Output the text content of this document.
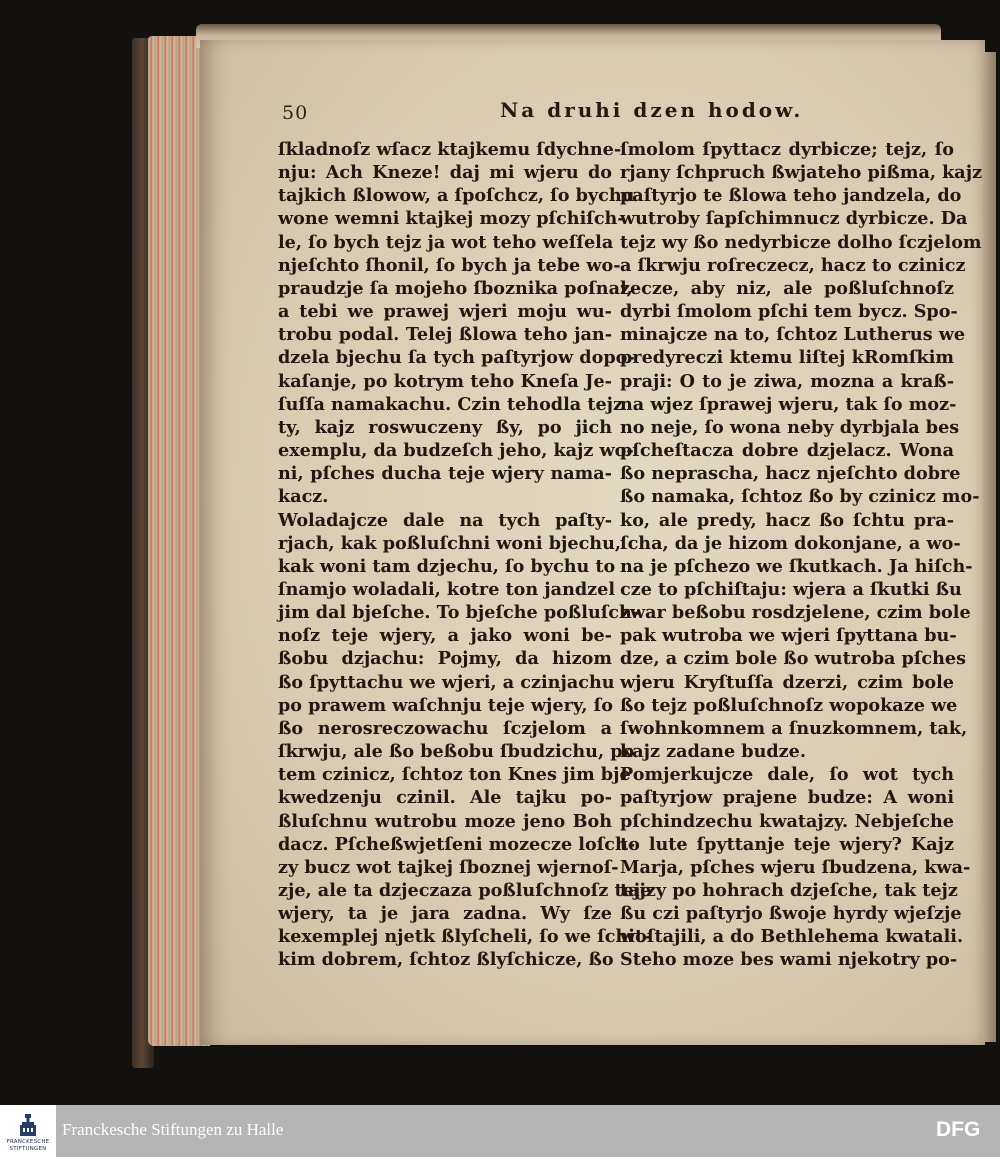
50	Na druhi dzen hodow.
ſkladnoſz wſacz ktajkemu ſdychne-
nju: Ach Kneze! daj mi wjeru do
tajkich ßlowow, a ſpoſchcz, ſo bychu
wone wemni ktajkej mozy pſchiſch-
le, ſo bych tejz ja wot teho weſſela
njeſchto ſhonil, ſo bych ja tebe wo-
praudzje ſa mojeho ſboznika poſnal,
a tebi we prawej wjeri moju wu-
trobu podal. Telej ßlowa teho jan-
dzela bjechu ſa tych paſtyrjow dopo-
kaſanje, po kotrym teho Kneſa Je-
ſuſſa namakachu. Czin tehodla tejz
ty, kajz roswuczeny ßy, po jich
exemplu, da budzeſch jeho, kajz wo-
ni, pſches ducha teje wjery nama-
kacz.
Woladajcze dale na tych paſty-
rjach, kak poßluſchni woni bjechu,
kak woni tam dzjechu, ſo bychu to
ſnamjo woladali, kotre ton jandzel
jim dal bjeſche. To bjeſche poßluſch-
noſz teje wjery, a jako woni be-
ßobu dzjachu: Pojmy, da hizom
ßo ſpyttachu we wjeri, a czinjachu
po prawem waſchnju teje wjery, ſo
ßo nerosreczowachu ſczjelom a
ſkrwju, ale ßo beßobu ſbudzichu, po
tem czinicz, ſchtoz ton Knes jim bje
kwedzenju czinil. Ale tajku po-
ßluſchnu wutrobu moze jeno Boh
dacz. Pſcheßwjetſeni mozecze loſch-
zy bucz wot tajkej ſboznej wjernoſ-
zje, ale ta dzjeczaza poßluſchnoſz teje
wjery, ta je jara zadna. Wy ſze
kexemplej njetk ßlyſcheli, ſo we ſchit-
kim dobrem, ſchtoz ßlyſchicze, ßo
ſmolom ſpyttacz dyrbicze; tejz, ſo
rjany ſchpruch ßwjateho pißma, kajz
paſtyrjo te ßlowa teho jandzela, do
wutroby ſapſchimnucz dyrbicze. Da
tejz wy ßo nedyrbicze dolho ſczjelom
a ſkrwju roſreczecz, hacz to czinicz
zecze, aby niz, ale poßluſchnoſz
dyrbi ſmolom pſchi tem bycz. Spo-
minajcze na to, ſchtoz Lutherus we
predyreczi ktemu liſtej kRomſkim
praji: O to je ziwa, mozna a kraß-
na wjez ſprawej wjeru, tak ſo moz-
no neje, ſo wona neby dyrbjala bes
pſcheſtacza dobre dzjelacz. Wona
ßo neprascha, hacz njeſchto dobre
ßo namaka, ſchtoz ßo by czinicz mo-
ko, ale predy, hacz ßo ſchtu pra-
ſcha, da je hizom dokonjane, a wo-
na je pſchezo we ſkutkach. Ja hiſch-
cze to pſchiſtaju: wjera a ſkutki ßu
zwar beßobu rosdzjelene, czim bole
pak wutroba we wjeri ſpyttana bu-
dze, a czim bole ßo wutroba pſches
wjeru Kryſtuſſa dzerzi, czim bole
ßo tejz poßluſchnoſz wopokaze we
ſwohnkomnem a ſnuzkomnem, tak,
kajz zadane budze.
Pomjerkujcze dale, ſo wot tych
paſtyrjow prajene budze: A woni
pſchindzechu kwatajzy. Nebjeſche
to lute ſpyttanje teje wjery? Kajz
Marja, pſches wjeru ſbudzena, kwa-
tajzy po hohrach dzjeſche, tak tejz
ßu czi paſtyrjo ßwoje hyrdy wjeſzje
woſtajili, a do Bethlehema kwatali.
Steho moze bes wami njekotry po-
FRANCKESCHE
STIFTUNGEN
Franckesche Stiftungen zu Halle	DFG
